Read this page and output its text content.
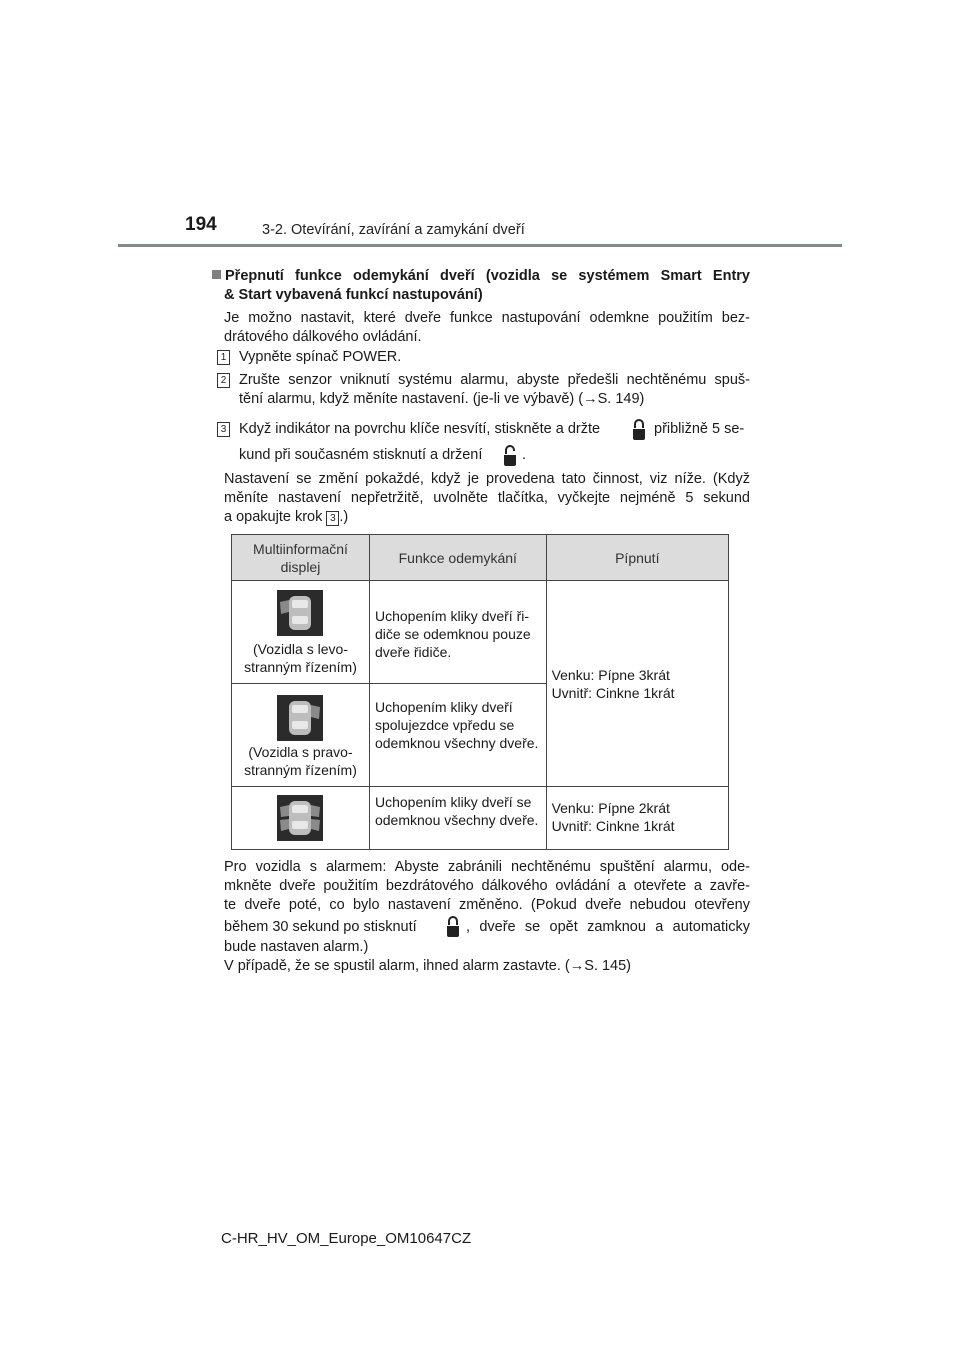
194	3-2. Otevírání, zavírání a zamykání dveří
Přepnutí funkce odemykání dveří (vozidla se systémem Smart Entry
& Start vybavená funkcí nastupování)
Je možno nastavit, které dveře funkce nastupování odemkne použitím bez-
drátového dálkového ovládání.
1 Vypněte spínač POWER.
2 Zrušte senzor vniknutí systému alarmu, abyste předešli nechtěnému spuš-
tění alarmu, když měníte nastavení. (je-li ve výbavě) (→S. 149)
3 Když indikátor na povrchu klíče nesvítí, stiskněte a držte	přibližně 5 se-
kund při současném stisknutí a držení	.
Nastavení se změní pokaždé, když je provedena tato činnost, viz níže. (Když
měníte nastavení nepřetržitě, uvolněte tlačítka, vyčkejte nejméně 5 sekund
a opakujte krok 3 .)
Multiinformační displej	Funkce odemykání	Pípnutí

(Vozidla s levo-stranným řízením)	Uchopením kliky dveří ři-diče se odemknou pouze dveře řidiče.	Venku: Pípne 3krát
Uvnitř: Cinkne 1krát

(Vozidla s pravo-stranným řízením)	Uchopením kliky dveří spolujezdce vpředu se odemknou všechny dveře.	

Uchopením kliky dveří se odemknou všechny dveře.	Venku: Pípne 2krát
Uvnitř: Cinkne 1krát
Pro vozidla s alarmem: Abyste zabránili nechtěnému spuštění alarmu, ode-
mkněte dveře použitím bezdrátového dálkového ovládání a otevřete a zavře-
te dveře poté, co bylo nastavení změněno. (Pokud dveře nebudou otevřeny
během 30 sekund po stisknutí	, dveře se opět zamknou a automaticky
bude nastaven alarm.)
V případě, že se spustil alarm, ihned alarm zastavte. (→S. 145)
C-HR_HV_OM_Europe_OM10647CZ
